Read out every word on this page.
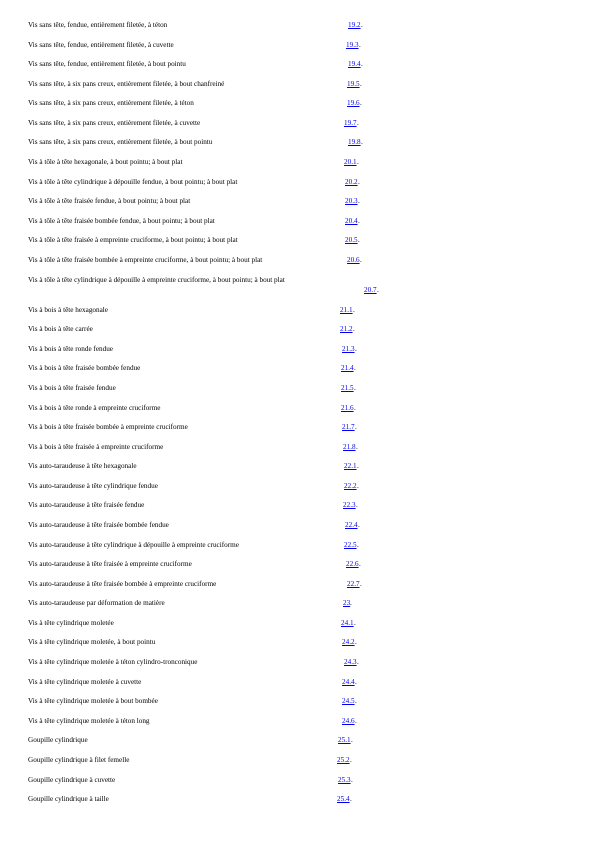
Vis sans tête, fendue, entièrement filetée, à téton	19.2 .
Vis sans tête, fendue, entièrement filetée, à cuvette	19.3 .
Vis sans tête, fendue, entièrement filetée, à bout pointu	19.4 .
Vis sans tête, à six pans creux, entièrement filetée, à bout chanfreiné	19.5 .
Vis sans tête, à six pans creux, entièrement filetée, à téton	19.6 .
Vis sans tête, à six pans creux, entièrement filetée, à cuvette	19.7 .
Vis sans tête, à six pans creux, entièrement filetée, à bout pointu	19.8 .
Vis à tôle à tête hexagonale, à bout pointu; à bout plat	20.1 .
Vis à tôle à tête cylindrique à dépouille fendue, à bout pointu; à bout plat	20.2 .
Vis à tôle à tête fraisée fendue, à bout pointu; à bout plat	20.3 .
Vis à tôle à tête fraisée bombée fendue, à bout pointu; à bout plat	20.4 .
Vis à tôle à tête fraisée à empreinte cruciforme, à bout pointu; à bout plat	20.5 .
Vis à tôle à tête fraisée bombée à empreinte cruciforme, à bout pointu; à bout plat	20.6 .
Vis à tôle à tête cylindrique à dépouille à empreinte cruciforme, à bout pointu; à bout plat
20.7 .
Vis à bois à tête hexagonale	21.1 .
Vis à bois à tête carrée	21.2 .
Vis à bois à tête ronde fendue	21.3 .
Vis à bois à tête fraisée bombée fendue	21.4 .
Vis à bois à tête fraisée fendue	21.5 .
Vis à bois à tête ronde à empreinte cruciforme	21.6 .
Vis à bois à tête fraisée bombée à empreinte cruciforme	21.7 .
Vis à bois à tête fraisée à empreinte cruciforme	21.8 .
Vis auto-taraudeuse à tête hexagonale	22.1 .
Vis auto-taraudeuse à tête cylindrique fendue	22.2 .
Vis auto-taraudeuse à tête fraisée fendue	22.3 .
Vis auto-taraudeuse à tête fraisée bombée fendue	22.4 .
Vis auto-taraudeuse à tête cylindrique à dépouille à empreinte cruciforme	22.5 .
Vis auto-taraudeuse à tête fraisée à empreinte cruciforme	22.6 .
Vis auto-taraudeuse à tête fraisée bombée à empreinte cruciforme	22.7 .
Vis auto-taraudeuse par déformation de matière	23 .
Vis à tête cylindrique moletée	24.1 .
Vis à tête cylindrique moletée, à bout pointu	24.2 .
Vis à tête cylindrique moletée à téton cylindro-tronconique	24.3 .
Vis à tête cylindrique moletée à cuvette	24.4 .
Vis à tête cylindrique moletée à bout bombée	24.5 .
Vis à tête cylindrique moletée à téton long	24.6 .
Goupille cylindrique	25.1 .
Goupille cylindrique à filet femelle	25.2 .
Goupille cylindrique à cuvette	25.3 .
Goupille cylindrique à taille	25.4 .
